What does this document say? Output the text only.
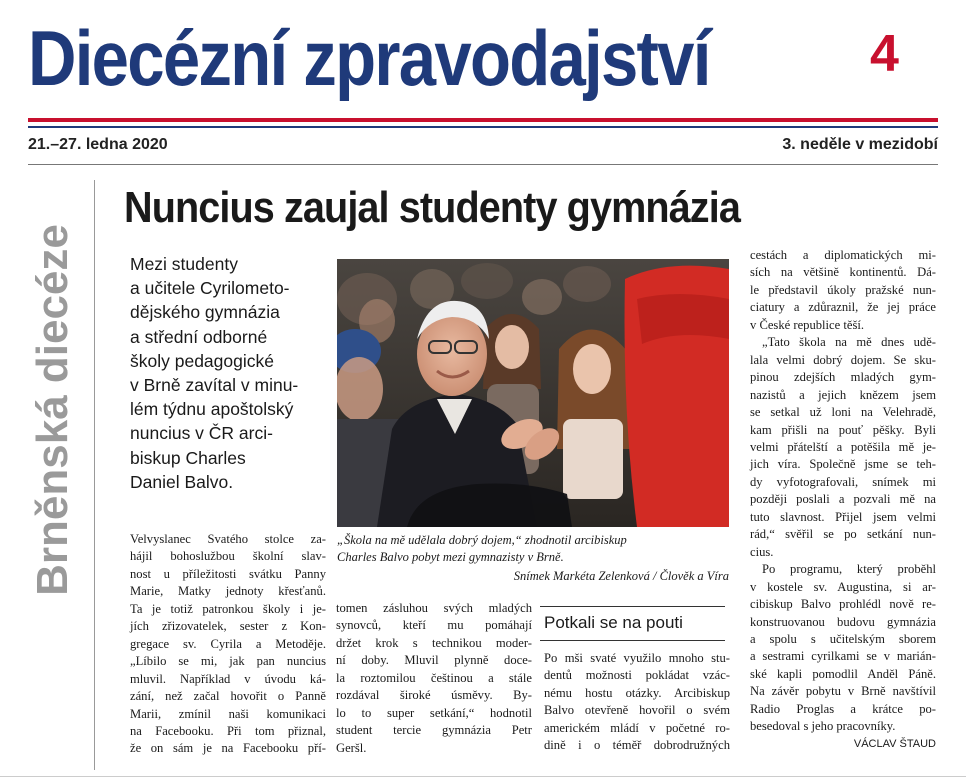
Diecézní zpravodajství	4
21.–27. ledna 2020	3. neděle v mezidobí
Brněnská diecéze
Nuncius zaujal studenty gymnázia
Mezi studenty
a učitele Cyrilometo-
dějského gymnázia
a střední odborné
školy pedagogické
v Brně zavítal v minu-
lém týdnu apoštolský
nuncius v ČR arci-
biskup Charles
Daniel Balvo.
„Škola na mě udělala dobrý dojem,“ zhodnotil arcibiskup
Charles Balvo pobyt mezi gymnazisty v Brně.
Snímek Markéta Zelenková / Člověk a Víra
Velvyslanec Svatého stolce za-
hájil bohoslužbou školní slav-
nost u příležitosti svátku Panny
Marie, Matky jednoty křesťanů.
Ta je totiž patronkou školy i je-
jích zřizovatelek, sester z Kon-
gregace sv. Cyrila a Metoděje.
„Líbilo se mi, jak pan nuncius
mluvil. Například v úvodu ká-
zání, než začal hovořit o Panně
Marii, zmínil naši komunikaci
na Facebooku. Při tom přiznal,
že on sám je na Facebooku pří-
tomen zásluhou svých mladých
synovců, kteří mu pomáhají
držet krok s technikou moder-
ní doby. Mluvil plynně doce-
la roztomilou češtinou a stále
rozdával široké úsměvy. By-
lo to super setkání,“ hodnotil
student tercie gymnázia Petr
Geršl.
Potkali se na pouti
Po mši svaté využilo mnoho stu-
dentů možnosti pokládat vzác-
nému hostu otázky. Arcibiskup
Balvo otevřeně hovořil o svém
americkém mládí v početné ro-
dině i o téměř dobrodružných
cestách a diplomatických mi-
sích na většině kontinentů. Dá-
le představil úkoly pražské nun-
ciatury a zdůraznil, že jej práce
v České republice těší.
„Tato škola na mě dnes udě-
lala velmi dobrý dojem. Se sku-
pinou zdejších mladých gym-
nazistů a jejich knězem jsem
se setkal už loni na Velehradě,
kam přišli na pouť pěšky. Byli
velmi přátelští a potěšila mě je-
jich víra. Společně jsme se teh-
dy vyfotografovali, snímek mi
později poslali a pozvali mě na
tuto slavnost. Přijel jsem velmi
rád,“ svěřil se po setkání nun-
cius.
Po programu, který proběhl
v kostele sv. Augustina, si ar-
cibiskup Balvo prohlédl nově re-
konstruovanou budovu gymnázia
a spolu s učitelským sborem
a sestrami cyrilkami se v marián-
ské kapli pomodlil Anděl Páně.
Na závěr pobytu v Brně navštívil
Radio Proglas a krátce po-
besedoval s jeho pracovníky.
VÁCLAV ŠTAUD
